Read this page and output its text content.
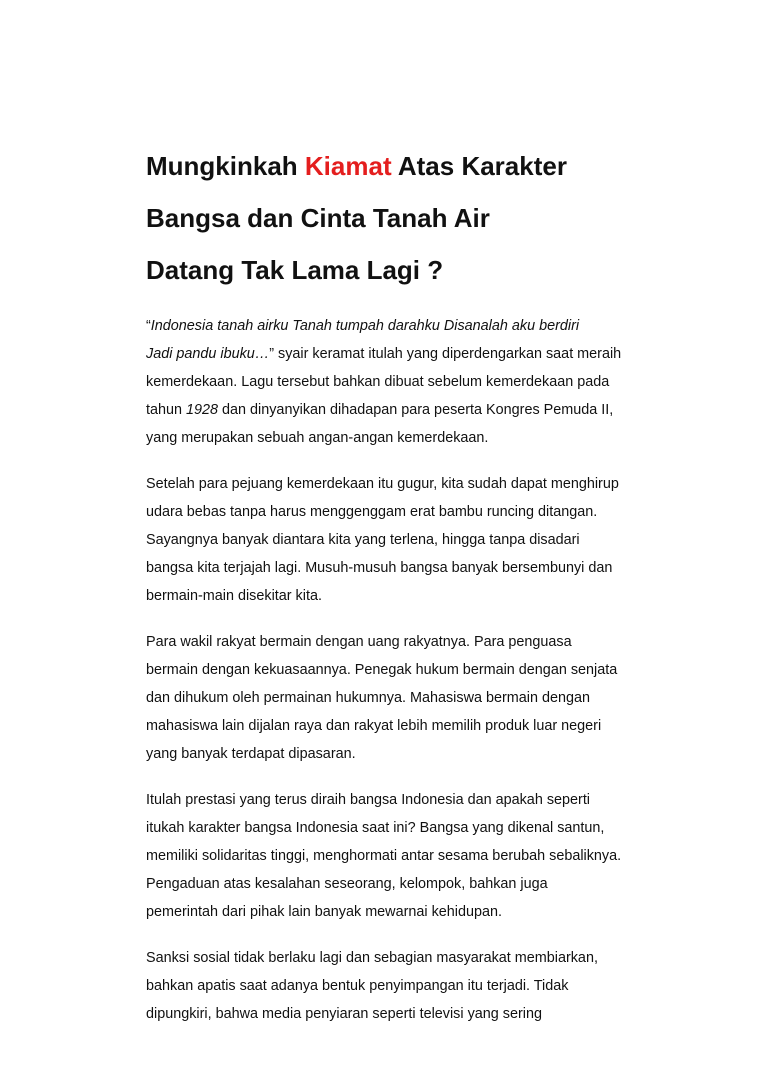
Mungkinkah Kiamat Atas Karakter
Bangsa dan Cinta Tanah Air
Datang Tak Lama Lagi ?

“Indonesia tanah airku Tanah tumpah darahku Disanalah aku berdiri
Jadi pandu ibuku…” syair keramat itulah yang diperdengarkan saat meraih
kemerdekaan. Lagu tersebut bahkan dibuat sebelum kemerdekaan pada
tahun 1928 dan dinyanyikan dihadapan para peserta Kongres Pemuda II,
yang merupakan sebuah angan-angan kemerdekaan.

Setelah para pejuang kemerdekaan itu gugur, kita sudah dapat menghirup
udara bebas tanpa harus menggenggam erat bambu runcing ditangan.
Sayangnya banyak diantara kita yang terlena, hingga tanpa disadari
bangsa kita terjajah lagi. Musuh-musuh bangsa banyak bersembunyi dan
bermain-main disekitar kita.

Para wakil rakyat bermain dengan uang rakyatnya. Para penguasa
bermain dengan kekuasaannya. Penegak hukum bermain dengan senjata
dan dihukum oleh permainan hukumnya. Mahasiswa bermain dengan
mahasiswa lain dijalan raya dan rakyat lebih memilih produk luar negeri
yang banyak terdapat dipasaran.

Itulah prestasi yang terus diraih bangsa Indonesia dan apakah seperti
itukah karakter bangsa Indonesia saat ini? Bangsa yang dikenal santun,
memiliki solidaritas tinggi, menghormati antar sesama berubah sebaliknya.
Pengaduan atas kesalahan seseorang, kelompok, bahkan juga
pemerintah dari pihak lain banyak mewarnai kehidupan.

Sanksi sosial tidak berlaku lagi dan sebagian masyarakat membiarkan,
bahkan apatis saat adanya bentuk penyimpangan itu terjadi. Tidak
dipungkiri, bahwa media penyiaran seperti televisi yang sering
